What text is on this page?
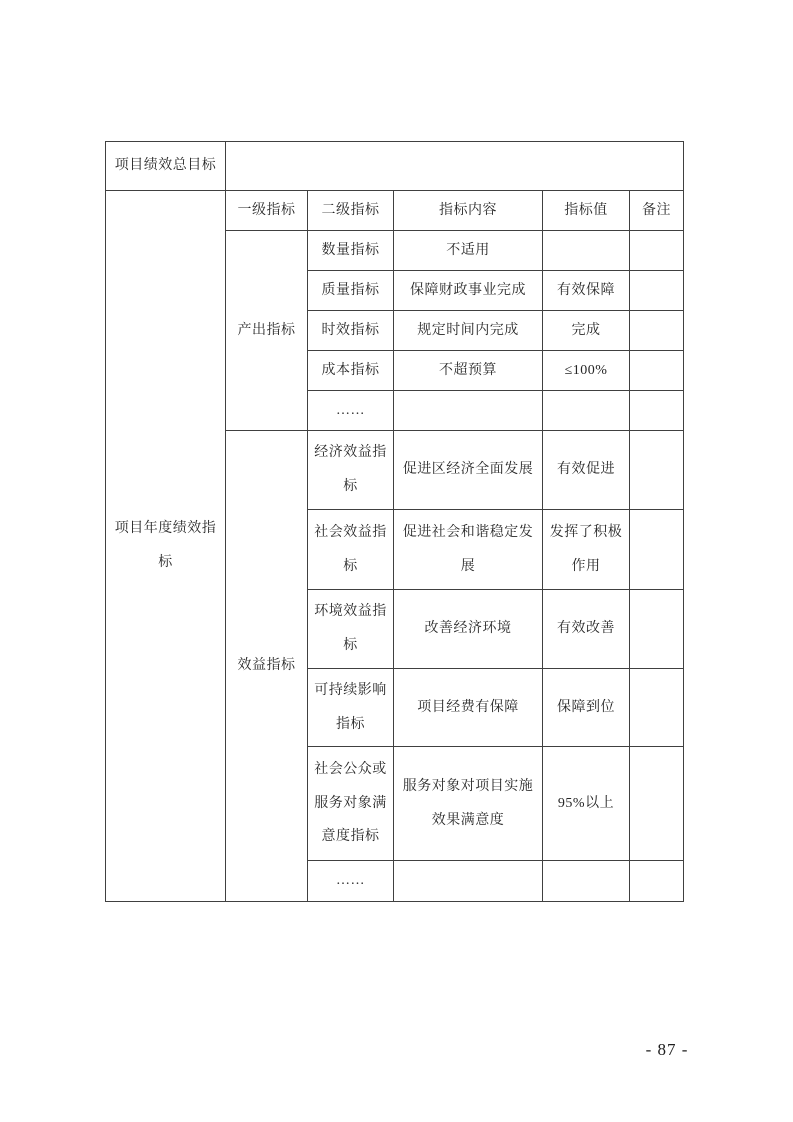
项目绩效总目标					
项目年度绩效指标	一级指标	二级指标	指标内容	指标值	备注
	产出指标	数量指标	不适用		
		质量指标	保障财政事业完成	有效保障	
		时效指标	规定时间内完成	完成	
		成本指标	不超预算	≤100%	
		……			
	效益指标	经济效益指标	促进区经济全面发展	有效促进	
		社会效益指标	促进社会和谐稳定发展	发挥了积极作用	
		环境效益指标	改善经济环境	有效改善	
		可持续影响指标	项目经费有保障	保障到位	
		社会公众或服务对象满意度指标	服务对象对项目实施效果满意度	95%以上	
		……			
- 87 -
